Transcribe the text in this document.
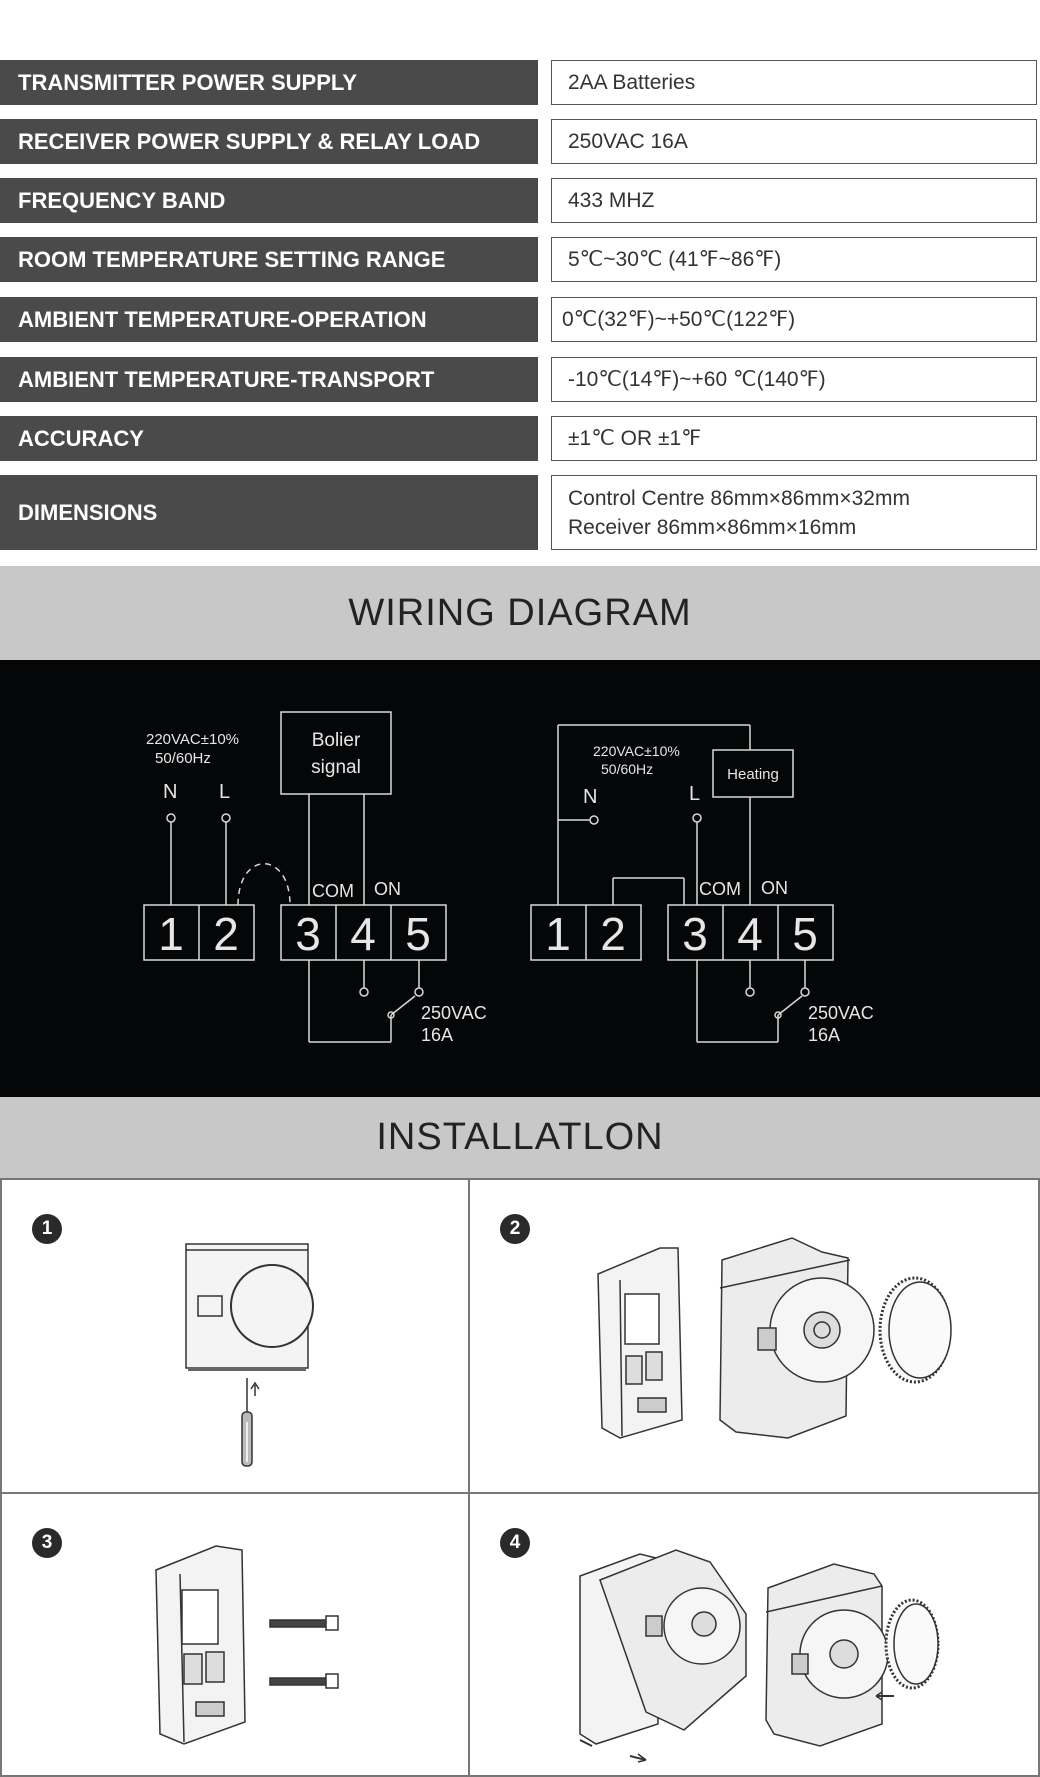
TRANSMITTER POWER SUPPLY	2AA Batteries
RECEIVER POWER SUPPLY & RELAY LOAD	250VAC 16A
FREQUENCY BAND	433 MHZ
ROOM TEMPERATURE SETTING RANGE	5℃~30℃ (41℉~86℉)
AMBIENT TEMPERATURE-OPERATION	0℃(32℉)~+50℃(122℉)
AMBIENT TEMPERATURE-TRANSPORT	-10℃(14℉)~+60 ℃(140℉)
ACCURACY	±1℃ OR ±1℉
DIMENSIONS
Control Centre 86mm×86mm×32mm
Receiver 86mm×86mm×16mm
WIRING DIAGRAM
220VAC±10%
50/60Hz
N L
Bolier
signal
COM ON
1 2 3 4 5
250VAC
16A
220VAC±10%
50/60Hz
N	L
Heating
COM ON
1 2 3 4 5
250VAC
16A
INSTALLATLON
1	2
3	4
